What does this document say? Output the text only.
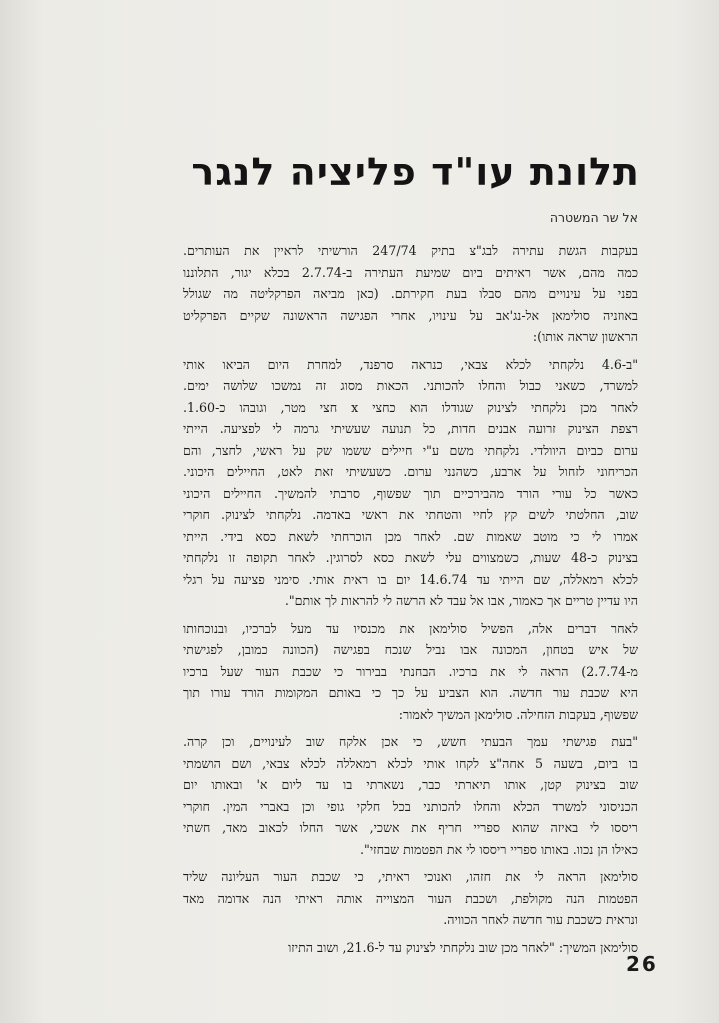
תלונת עו"ד פליציה לנגר
אל שר המשטרה
בעקבות הגשת עתירה לבג"צ בתיק 247/74 הורשיתי לראיין את העותרים.
כמה מהם, אשר ראיתים ביום שמיעת העתירה ב-2.7.74 בכלא יגור, התלוננו
בפני על עינויים מהם סבלו בעת חקירתם. (כאן מביאה הפרקליטה מה שגולל
באוזניה סולימאן אל-נג'אב על עינויו, אחרי הפגישה הראשונה שקיים הפרקליט
הראשון שראה אותו):
"ב-4.6 נלקחתי לכלא צבאי, כנראה סרפנד, למחרת היום הביאו אותי
למשרד, כשאני כבול והחלו להכותני. הכאות מסוג זה נמשכו שלושה ימים.
לאחר מכן נלקחתי לצינוק שגודלו הוא כחצי x חצי מטר, וגובהו כ-1.60.
רצפת הצינוק זרועה אבנים חדות, כל תנועה שעשיתי גרמה לי לפציעה. הייתי
ערום כביום היוולדי. נלקחתי משם ע"י חיילים ששמו שק על ראשי, לחצר, והם
הכריחוני לזחול על ארבע, כשהנני ערום. כשעשיתי זאת לאט, החיילים היכוני.
כאשר כל עורי הורד מהבירכיים תוך שפשוף, סרבתי להמשיך. החיילים היכוני
שוב, החלטתי לשים קץ לחיי והטחתי את ראשי באדמה. נלקחתי לצינוק. חוקרי
אמרו לי כי מוטב שאמות שם. לאחר מכן הוכרחתי לשאת כסא בידי. הייתי
בצינוק כ-48 שעות, כשמצווים עלי לשאת כסא לסרוגין. לאחר תקופה זו נלקחתי
לכלא רמאללה, שם הייתי עד 14.6.74 יום בו ראית אותי. סימני פציעה על רגלי
היו עדיין טריים אך כאמור, אבו אל עבד לא הרשה לי להראות לך אותם".
לאחר דברים אלה, הפשיל סולימאן את מכנסיו עד מעל לברכיו, ובנוכחותו
של איש בטחון, המכונה אבו נביל שנכח בפגישה (הכוונה כמובן, לפגישתי
מ-2.7.74) הראה לי את ברכיו. הבחנתי בבירור כי שכבת העור שעל ברכיו
היא שכבת עור חדשה. הוא הצביע על כך כי באותם המקומות הורד עורו תוך
שפשוף, בעקבות הזחילה. סולימאן המשיך לאמור:
"בעת פגישתי עמך הבעתי חשש, כי אכן אלקח שוב לעינויים, וכן קרה.
בו ביום, בשעה 5 אחה"צ לקחו אותי לכלא רמאללה לכלא צבאי, ושם הושמתי
שוב בצינוק קטן, אותו תיארתי כבר, נשארתי בו עד ליום א' ובאותו יום
הכניסוני למשרד הכלא והחלו להכותני בכל חלקי גופי וכן באברי המין. חוקרי
ריססו לי באיזה שהוא ספריי חריף את אשכי, אשר החלו לכאוב מאד, חשתי
כאילו הן נכוו. באותו ספריי ריססו לי את הפטמות שבחזי".
סולימאן הראה לי את חזהו, ואנוכי ראיתי, כי שכבת העור העליונה שליד
הפטמות הנה מקולפת, ושכבת העור המצוייה אותה ראיתי הנה אדומה מאד
ונראית כשכבת עור חדשה לאחר הכוויה.
סולימאן המשיך: "לאחר מכן שוב נלקחתי לצינוק עד ל-21.6, ושוב התיזו
26
